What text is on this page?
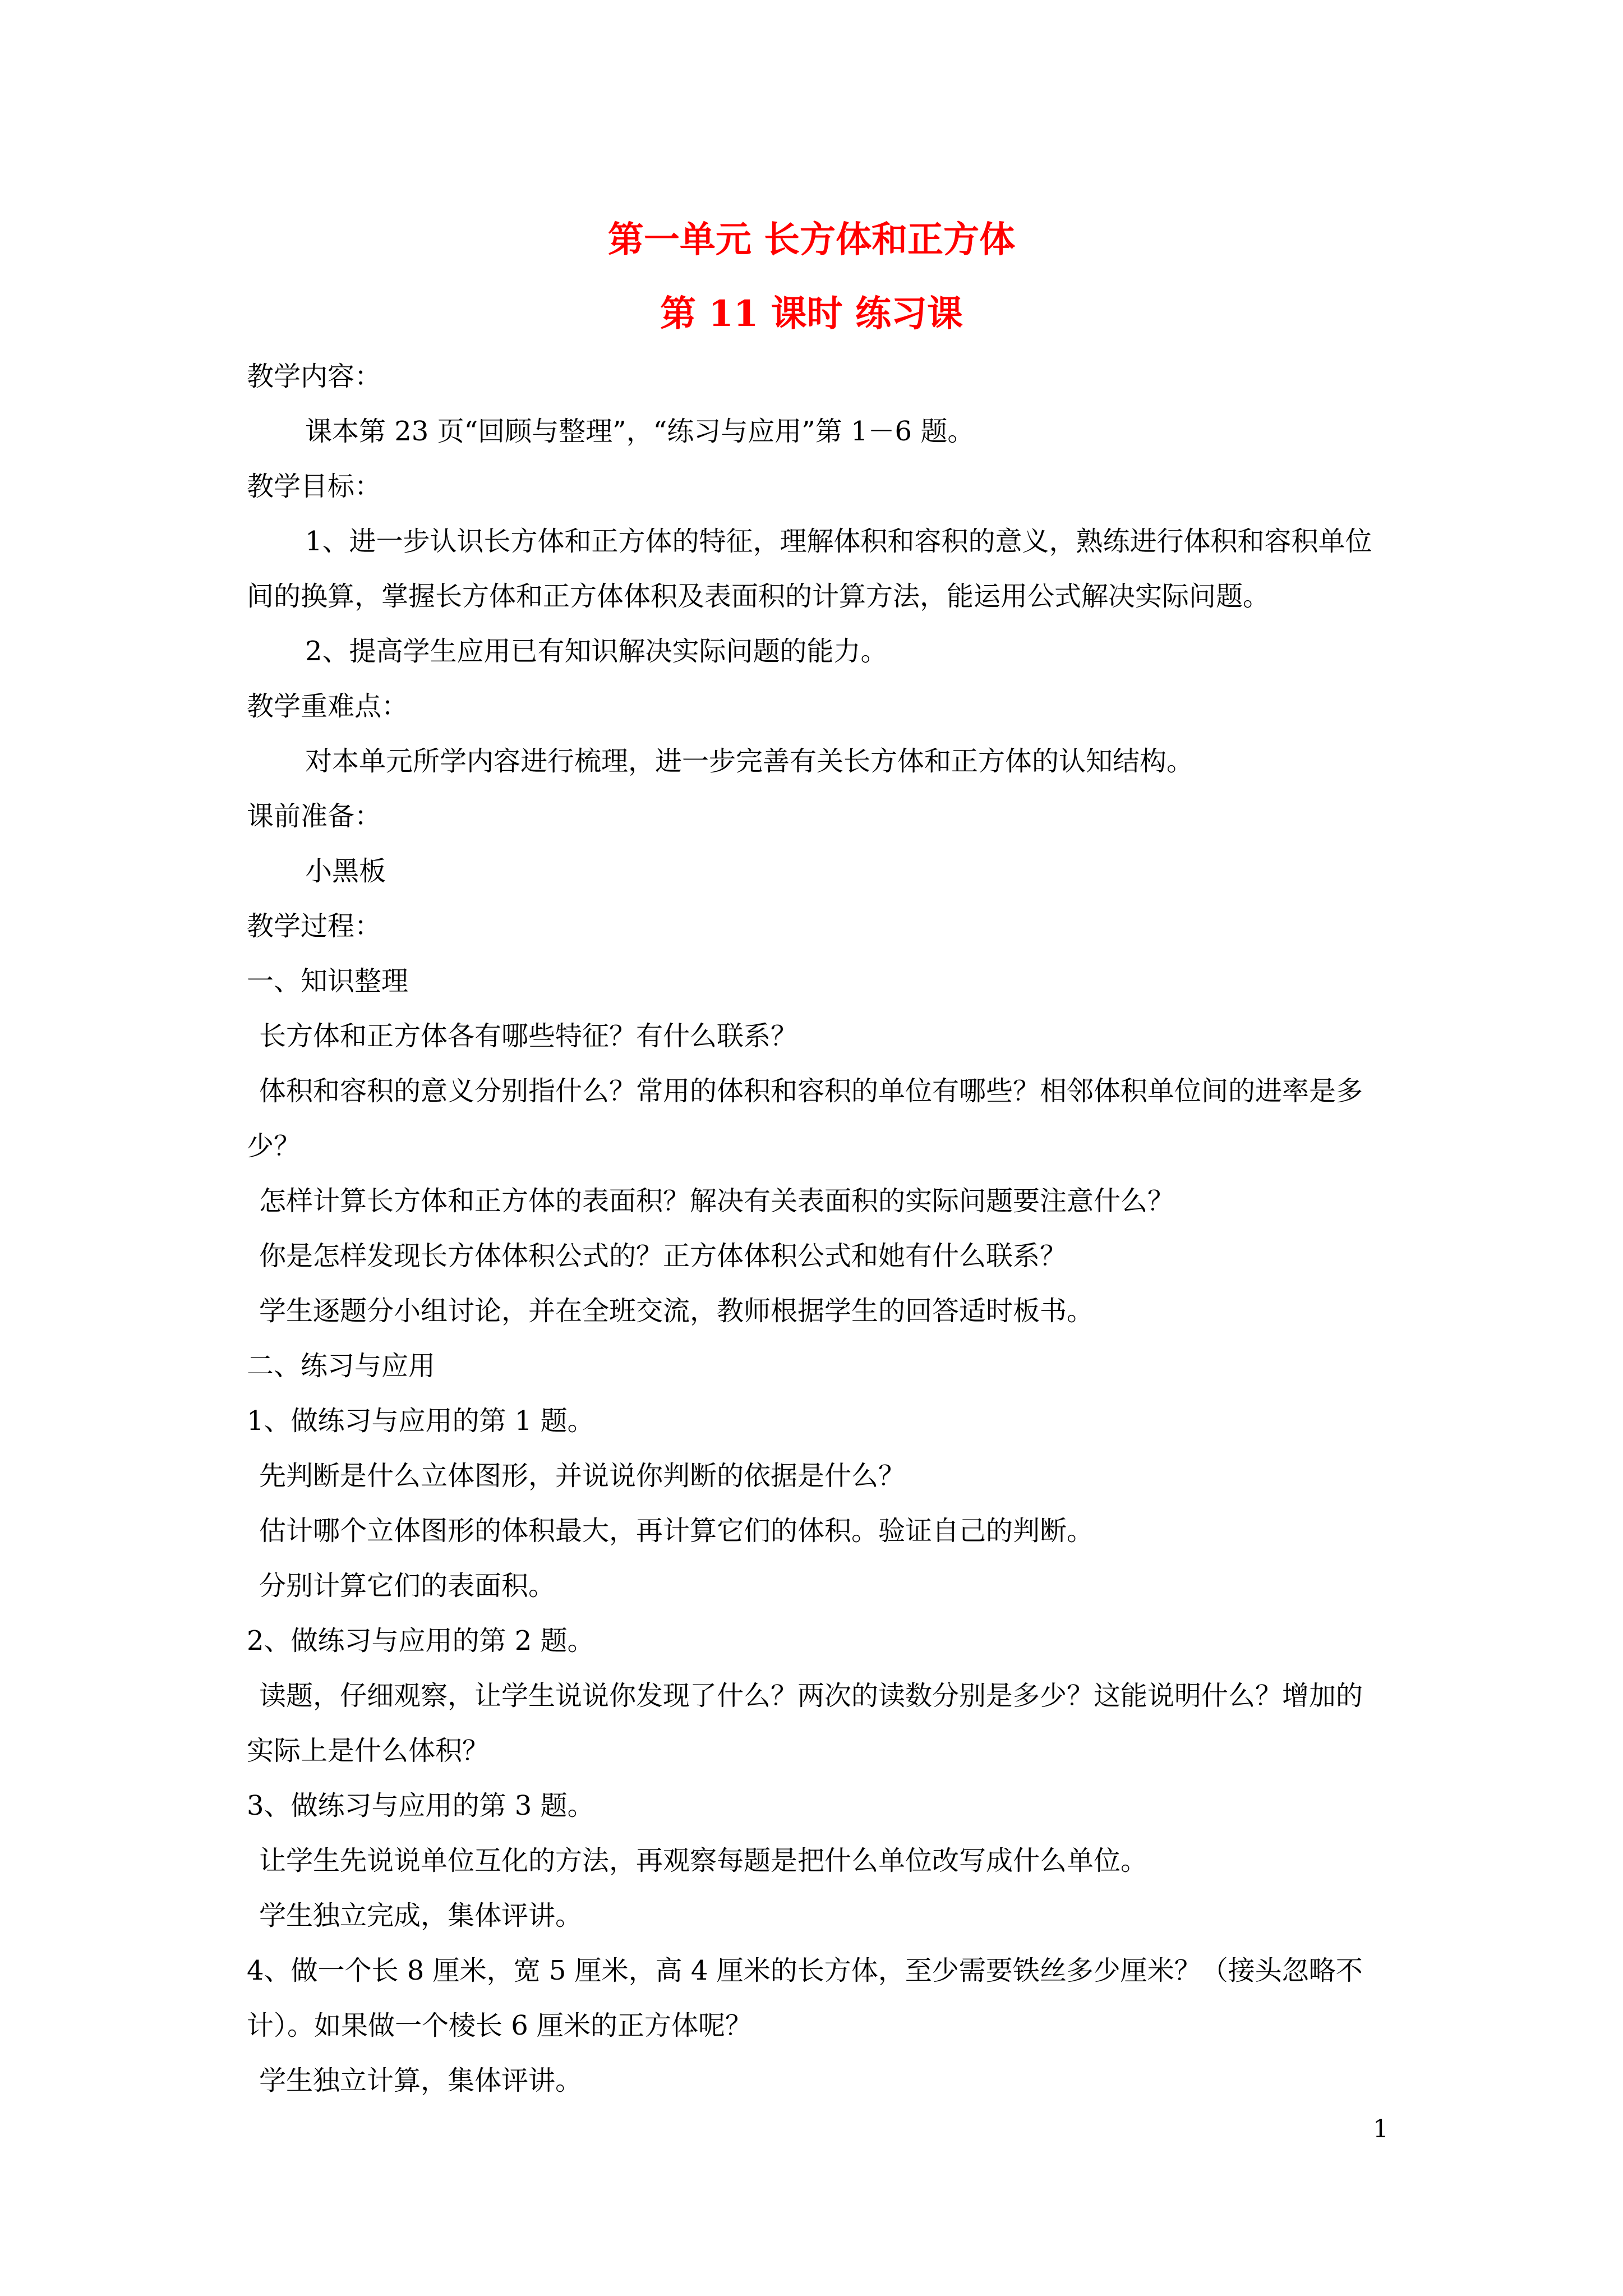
第一单元 长方体和正方体
第 11 课时 练习课

教学内容：

课本第 23 页“回顾与整理”，“练习与应用”第 1－6 题。

教学目标：

1、进一步认识长方体和正方体的特征，理解体积和容积的意义，熟练进行体积和容积单位间的换算，掌握长方体和正方体体积及表面积的计算方法，能运用公式解决实际问题。

2、提高学生应用已有知识解决实际问题的能力。

教学重难点：

对本单元所学内容进行梳理，进一步完善有关长方体和正方体的认知结构。

课前准备：

小黑板

教学过程：

一、知识整理

长方体和正方体各有哪些特征？有什么联系？

体积和容积的意义分别指什么？常用的体积和容积的单位有哪些？相邻体积单位间的进率是多少？

怎样计算长方体和正方体的表面积？解决有关表面积的实际问题要注意什么？

你是怎样发现长方体体积公式的？正方体体积公式和她有什么联系？

学生逐题分小组讨论，并在全班交流，教师根据学生的回答适时板书。

二、练习与应用

1、做练习与应用的第 1 题。

先判断是什么立体图形，并说说你判断的依据是什么？

估计哪个立体图形的体积最大，再计算它们的体积。验证自己的判断。

分别计算它们的表面积。

2、做练习与应用的第 2 题。

读题，仔细观察，让学生说说你发现了什么？两次的读数分别是多少？这能说明什么？增加的实际上是什么体积？

3、做练习与应用的第 3 题。

让学生先说说单位互化的方法，再观察每题是把什么单位改写成什么单位。

学生独立完成，集体评讲。

4、做一个长 8 厘米，宽 5 厘米，高 4 厘米的长方体，至少需要铁丝多少厘米？（接头忽略不计）。如果做一个棱长 6 厘米的正方体呢？

学生独立计算，集体评讲。

1
